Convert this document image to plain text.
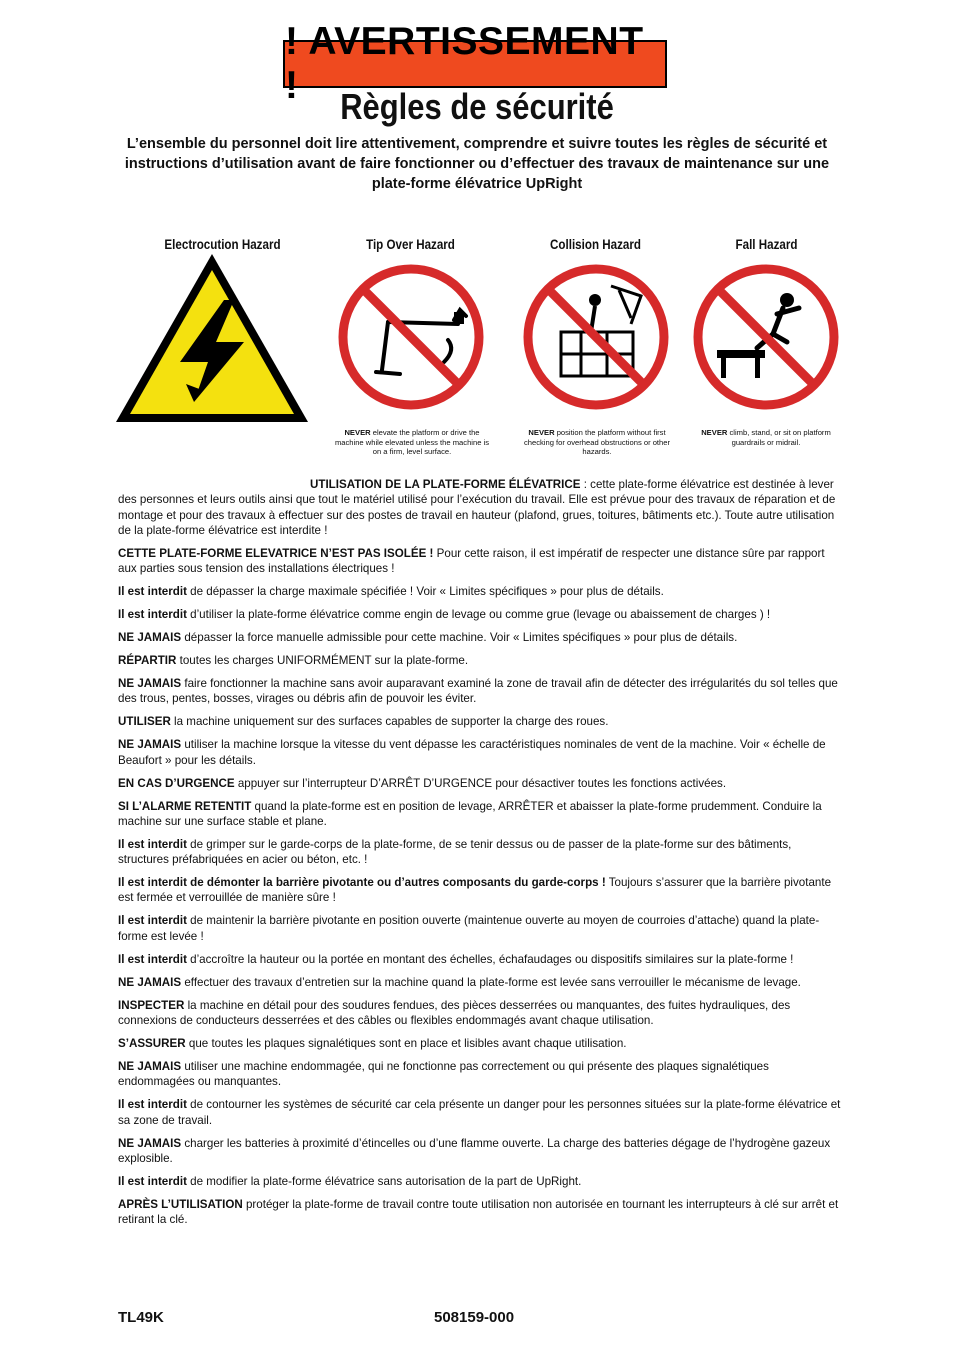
! AVERTISSEMENT !	Règles de sécurité
L’ensemble du personnel doit lire attentivement, comprendre et suivre toutes les règles de sécurité et instructions d’utilisation avant de faire fonctionner ou d’effectuer des travaux de maintenance sur une plate-forme élévatrice UpRight
Electrocution Hazard	Tip Over Hazard	Collision Hazard	Fall Hazard
NEVER elevate the platform or drive the machine while elevated unless the machine is on a firm, level surface.
NEVER position the platform without first checking for overhead obstructions or other hazards.
NEVER climb, stand, or sit on platform guardrails or midrail.

UTILISATION DE LA PLATE-FORME ÉLÉVATRICE : cette plate-forme élévatrice est destinée à lever des personnes et leurs outils ainsi que tout le matériel utilisé pour l’exécution du travail. Elle est prévue pour des travaux de réparation et de montage et pour des travaux à effectuer sur des postes de travail en hauteur (plafond, grues, toitures, bâtiments etc.). Toute autre utilisation de la plate-forme élévatrice est interdite !

CETTE PLATE-FORME ELEVATRICE N’EST PAS ISOLÉE ! Pour cette raison, il est impératif de respecter une distance sûre par rapport aux parties sous tension des installations électriques !

Il est interdit de dépasser la charge maximale spécifiée ! Voir « Limites spécifiques » pour plus de détails.

Il est interdit d’utiliser la plate-forme élévatrice comme engin de levage ou comme grue (levage ou abaissement de charges ) !

NE JAMAIS dépasser la force manuelle admissible pour cette machine. Voir « Limites spécifiques » pour plus de détails.

RÉPARTIR toutes les charges UNIFORMÉMENT sur la plate-forme.

NE JAMAIS faire fonctionner la machine sans avoir auparavant examiné la zone de travail afin de détecter des irrégularités du sol telles que des trous, pentes, bosses, virages ou débris afin de pouvoir les éviter.

UTILISER la machine uniquement sur des surfaces capables de supporter la charge des roues.

NE JAMAIS utiliser la machine lorsque la vitesse du vent dépasse les caractéristiques nominales de vent de la machine. Voir « échelle de Beaufort » pour les détails.

EN CAS D’URGENCE appuyer sur l’interrupteur D’ARRÊT D’URGENCE pour désactiver toutes les fonctions activées.

SI L’ALARME RETENTIT quand la plate-forme est en position de levage, ARRÊTER et abaisser la plate-forme prudemment. Conduire la machine sur une surface stable et plane.

Il est interdit de grimper sur le garde-corps de la plate-forme, de se tenir dessus ou de passer de la plate-forme sur des bâtiments, structures préfabriquées en acier ou béton, etc. !

Il est interdit de démonter la barrière pivotante ou d’autres composants du garde-corps ! Toujours s’assurer que la barrière pivotante est fermée et verrouillée de manière sûre !

Il est interdit de maintenir la barrière pivotante en position ouverte (maintenue ouverte au moyen de courroies d’attache) quand la plate-forme est levée !

Il est interdit d’accroître la hauteur ou la portée en montant des échelles, échafaudages ou dispositifs similaires sur la plate-forme !

NE JAMAIS effectuer des travaux d’entretien sur la machine quand la plate-forme est levée sans verrouiller le mécanisme de levage.

INSPECTER la machine en détail pour des soudures fendues, des pièces desserrées ou manquantes, des fuites hydrauliques, des connexions de conducteurs desserrées et des câbles ou flexibles endommagés avant chaque utilisation.

S’ASSURER que toutes les plaques signalétiques sont en place et lisibles avant chaque utilisation.

NE JAMAIS utiliser une machine endommagée, qui ne fonctionne pas correctement ou qui présente des plaques signalétiques endommagées ou manquantes.

Il est interdit de contourner les systèmes de sécurité car cela présente un danger pour les personnes situées sur la plate-forme élévatrice et sa zone de travail.

NE JAMAIS charger les batteries à proximité d’étincelles ou d’une flamme ouverte. La charge des batteries dégage de l’hydrogène gazeux explosible.

Il est interdit de modifier la plate-forme élévatrice sans autorisation de la part de UpRight.

APRÈS L’UTILISATION protéger la plate-forme de travail contre toute utilisation non autorisée en tournant les interrupteurs à clé sur arrêt et retirant la clé.

TL49K	508159-000
